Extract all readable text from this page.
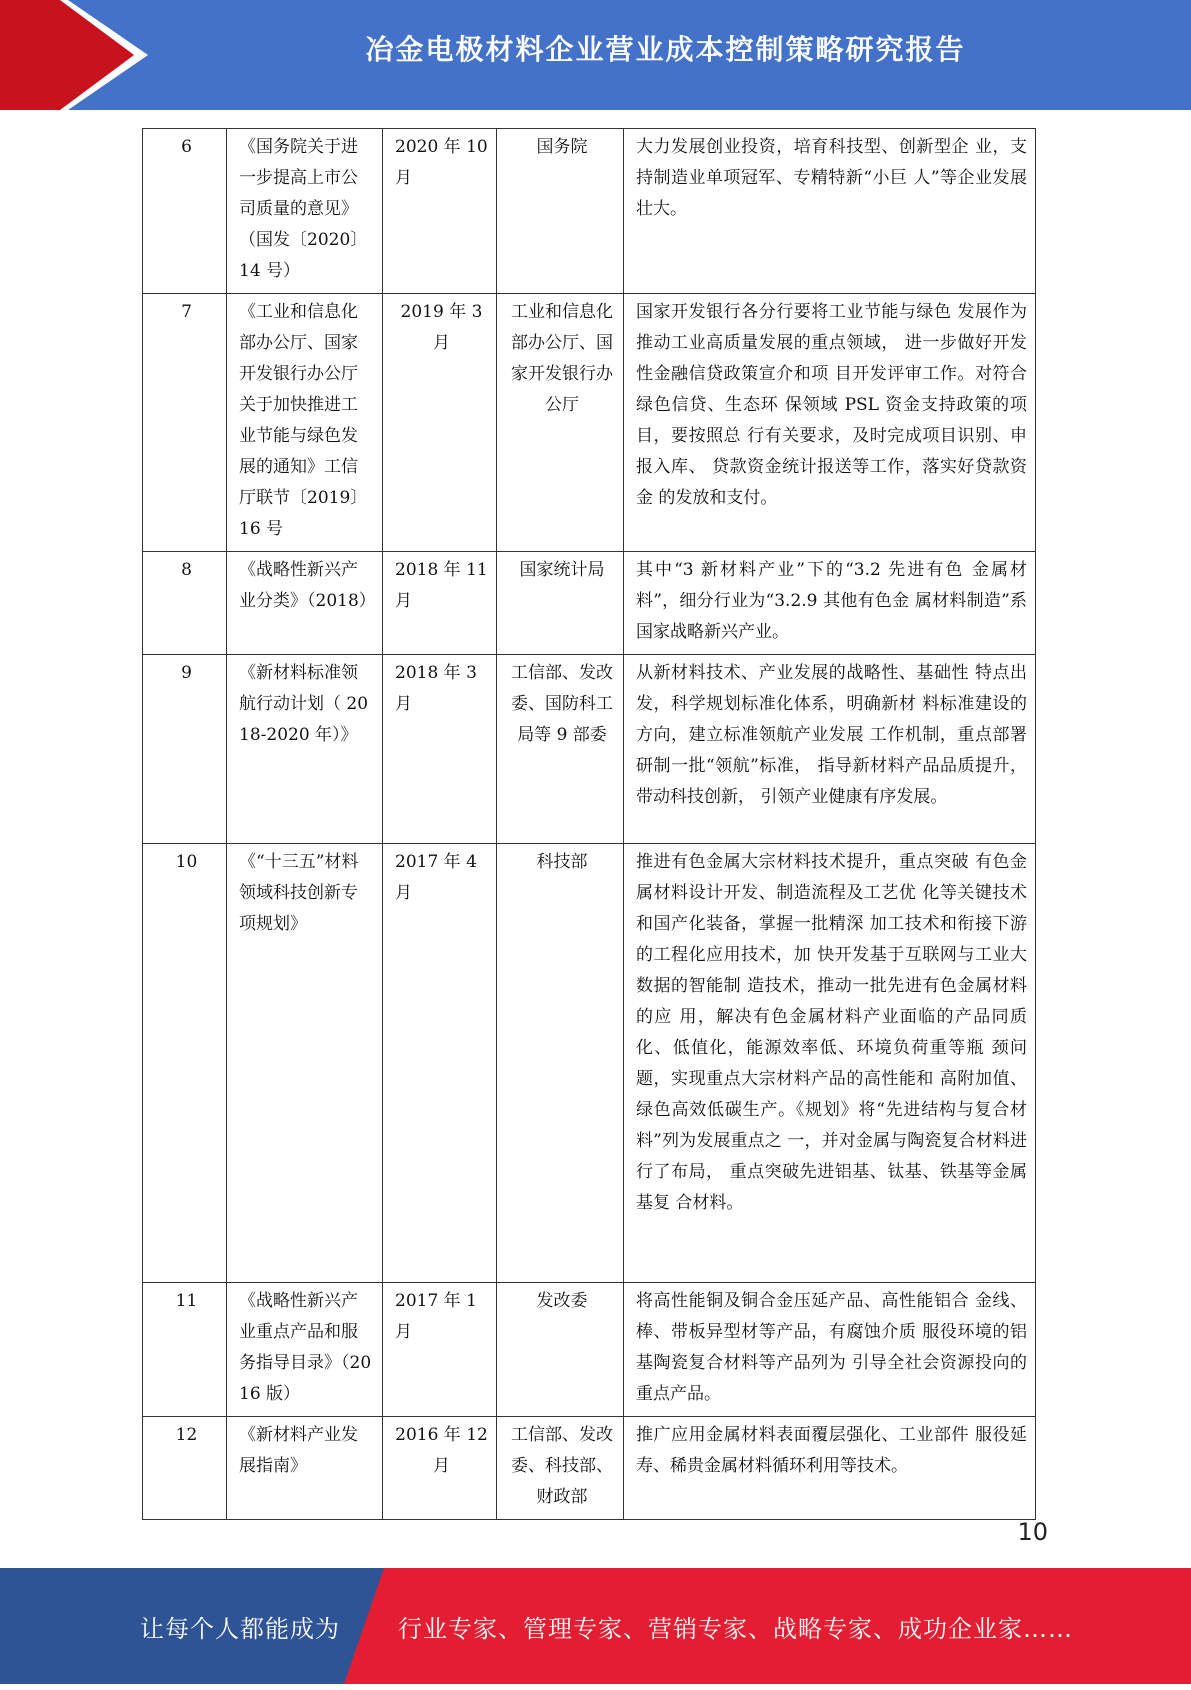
冶金电极材料企业营业成本控制策略研究报告
6	《国务院关于进一步提高上市公司质量的意见》（国发〔2020〕14 号）	2020 年 10 月	国务院	大力发展创业投资，培育科技型、创新型企 业，支持制造业单项冠军、专精特新“小巨 人”等企业发展壮大。
7	《工业和信息化部办公厅、国家开发银行办公厅关于加快推进工业节能与绿色发展的通知》工信厅联节〔2019〕16 号	2019 年 3 月	工业和信息化部办公厅、国家开发银行办公厅	国家开发银行各分行要将工业节能与绿色 发展作为推动工业高质量发展的重点领域， 进一步做好开发性金融信贷政策宣介和项 目开发评审工作。对符合绿色信贷、生态环 保领域 PSL 资金支持政策的项目，要按照总 行有关要求，及时完成项目识别、申报入库、 贷款资金统计报送等工作，落实好贷款资金 的发放和支付。
8	《战略性新兴产业分类》（2018）	2018 年 11 月	国家统计局	其中“3 新材料产业”下的“3.2 先进有色 金属材料”，细分行业为“3.2.9 其他有色金 属材料制造”系国家战略新兴产业。
9	《新材料标准领航行动计划（ 2018-2020 年）》	2018 年 3 月	工信部、发改委、国防科工局等 9 部委	从新材料技术、产业发展的战略性、基础性 特点出发，科学规划标准化体系，明确新材 料标准建设的方向，建立标准领航产业发展 工作机制，重点部署研制一批“领航”标准， 指导新材料产品品质提升，带动科技创新， 引领产业健康有序发展。
10	《“十三五”材料 领域科技创新专 项规划》	2017 年 4 月	科技部	推进有色金属大宗材料技术提升，重点突破 有色金属材料设计开发、制造流程及工艺优 化等关键技术和国产化装备，掌握一批精深 加工技术和衔接下游的工程化应用技术，加 快开发基于互联网与工业大数据的智能制 造技术，推动一批先进有色金属材料的应 用，解决有色金属材料产业面临的产品同质 化、低值化，能源效率低、环境负荷重等瓶 颈问题，实现重点大宗材料产品的高性能和 高附加值、绿色高效低碳生产。《规划》将“先进结构与复合材料”列为发展重点之 一，并对金属与陶瓷复合材料进行了布局， 重点突破先进铝基、钛基、铁基等金属基复 合材料。
11	《战略性新兴产业重点产品和服务指导目录》（2016 版）	2017 年 1 月	发改委	将高性能铜及铜合金压延产品、高性能铝合 金线、棒、带板异型材等产品，有腐蚀介质 服役环境的铝基陶瓷复合材料等产品列为 引导全社会资源投向的重点产品。
12	《新材料产业发展指南》	2016 年 12 月	工信部、发改委、科技部、财政部	推广应用金属材料表面覆层强化、工业部件 服役延寿、稀贵金属材料循环利用等技术。
10
让每个人都能成为 行业专家、管理专家、营销专家、战略专家、成功企业家……
